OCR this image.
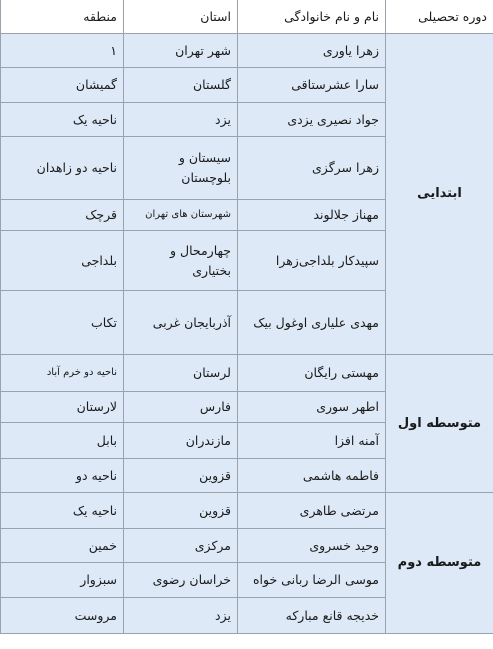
دوره تحصیلی	نام و نام خانوادگی	استان	منطقه
ابتدایی	زهرا یاوری	شهر تهران	۱
	سارا عشرستاقی	گلستان	گمیشان
	جواد نصیری یزدی	یزد	ناحیه یک
	زهرا سرگزی	سیستان و بلوچستان	ناحیه دو زاهدان
	مهناز جلالوند	شهرستان های تهران	قرچک
	سپیدکار بلداجی‌زهرا	چهارمحال و بختیاری	بلداجی
	مهدی علیاری اوغول بیک	آذربایجان غربی	تکاب
متوسطه اول	مهستی رایگان	لرستان	ناحیه دو خرم آباد
	اطهر سوری	فارس	لارستان
	آمنه افزا	مازندران	بابل
	فاطمه هاشمی	قزوین	ناحیه دو
متوسطه دوم	مرتضی طاهری	قزوین	ناحیه یک
	وحید خسروی	مرکزی	خمین
	موسی الرضا ربانی خواه	خراسان رضوی	سبزوار
	خدیجه قانع مبارکه	یزد	مروست
